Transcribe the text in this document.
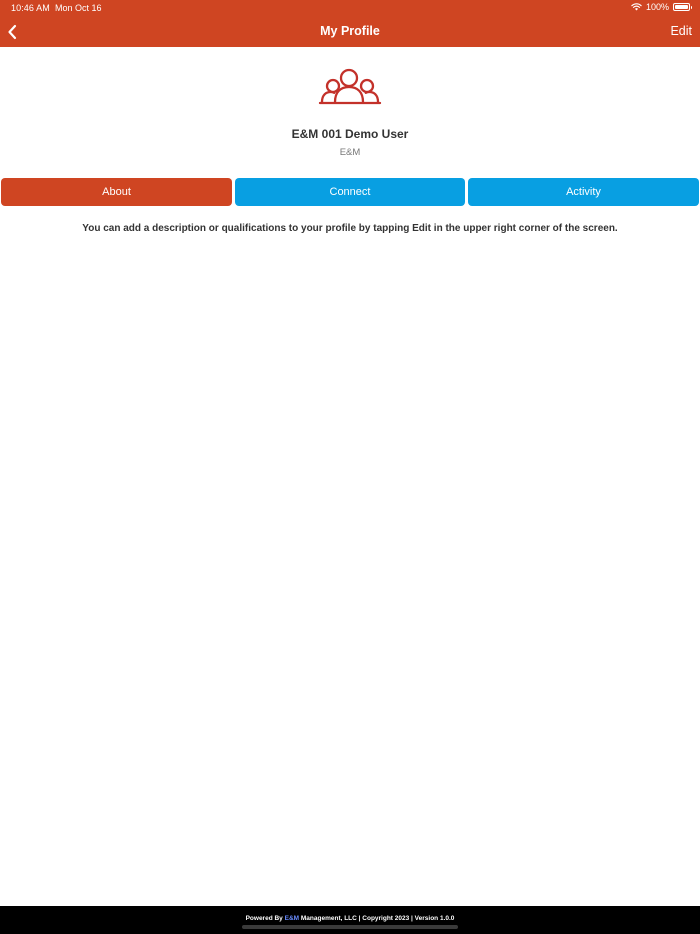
10:46 AM Mon Oct 16	100%
My Profile	Edit
E&M 001 Demo User
E&M
About	Connect	Activity
You can add a description or qualifications to your profile by tapping Edit in the upper right corner of the screen.
Powered By E&M Management, LLC | Copyright 2023 | Version 1.0.0
